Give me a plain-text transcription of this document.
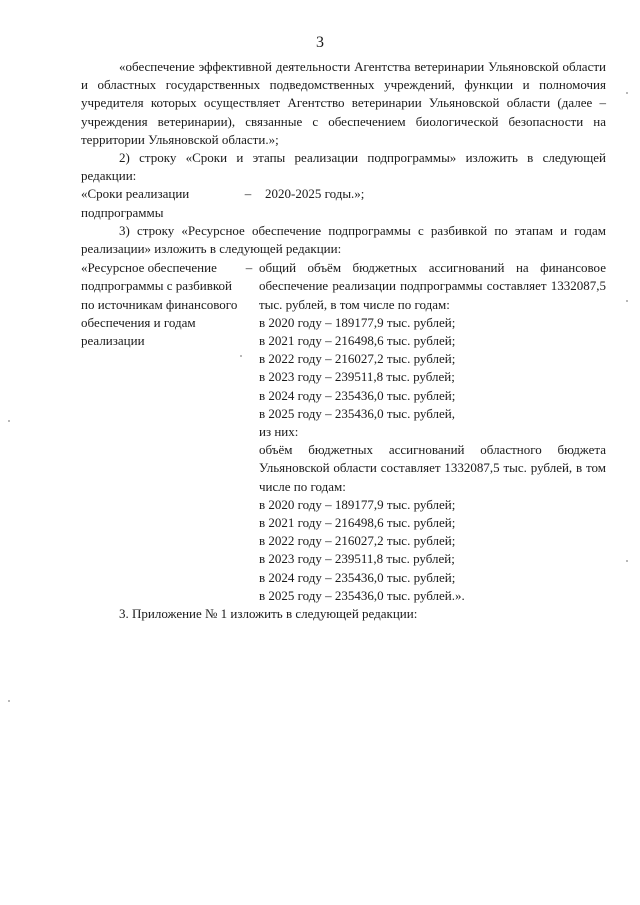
3

«обеспечение эффективной деятельности Агентства ветеринарии Ульяновской области и областных государственных подведомственных учреждений, функции и полномочия учредителя которых осуществляет Агентство ветеринарии Ульяновской области (далее – учреждения ветеринарии), связанные с обеспечением биологической безопасности на территории Ульяновской области.»;

2) строку «Сроки и этапы реализации подпрограммы» изложить в следующей редакции:

«Сроки реализации	–	2020-2025 годы.»;
подпрограммы

3) строку «Ресурсное обеспечение подпрограммы с разбивкой по этапам и годам реализации» изложить в следующей редакции:

«Ресурсное обеспечение подпрограммы с разбивкой по источникам финансового обеспечения и годам реализации
– общий объём бюджетных ассигнований на финансовое обеспечение реализации подпрограммы составляет 1332087,5 тыс. рублей, в том числе по годам:

в 2020 году – 189177,9 тыс. рублей;
в 2021 году – 216498,6 тыс. рублей;
в 2022 году – 216027,2 тыс. рублей;
в 2023 году – 239511,8 тыс. рублей;
в 2024 году – 235436,0 тыс. рублей;
в 2025 году – 235436,0 тыс. рублей,
из них:

объём бюджетных ассигнований областного бюджета Ульяновской области составляет 1332087,5 тыс. рублей, в том числе по годам:

в 2020 году – 189177,9 тыс. рублей;
в 2021 году – 216498,6 тыс. рублей;
в 2022 году – 216027,2 тыс. рублей;
в 2023 году – 239511,8 тыс. рублей;
в 2024 году – 235436,0 тыс. рублей;
в 2025 году – 235436,0 тыс. рублей.».

3. Приложение № 1 изложить в следующей редакции:
